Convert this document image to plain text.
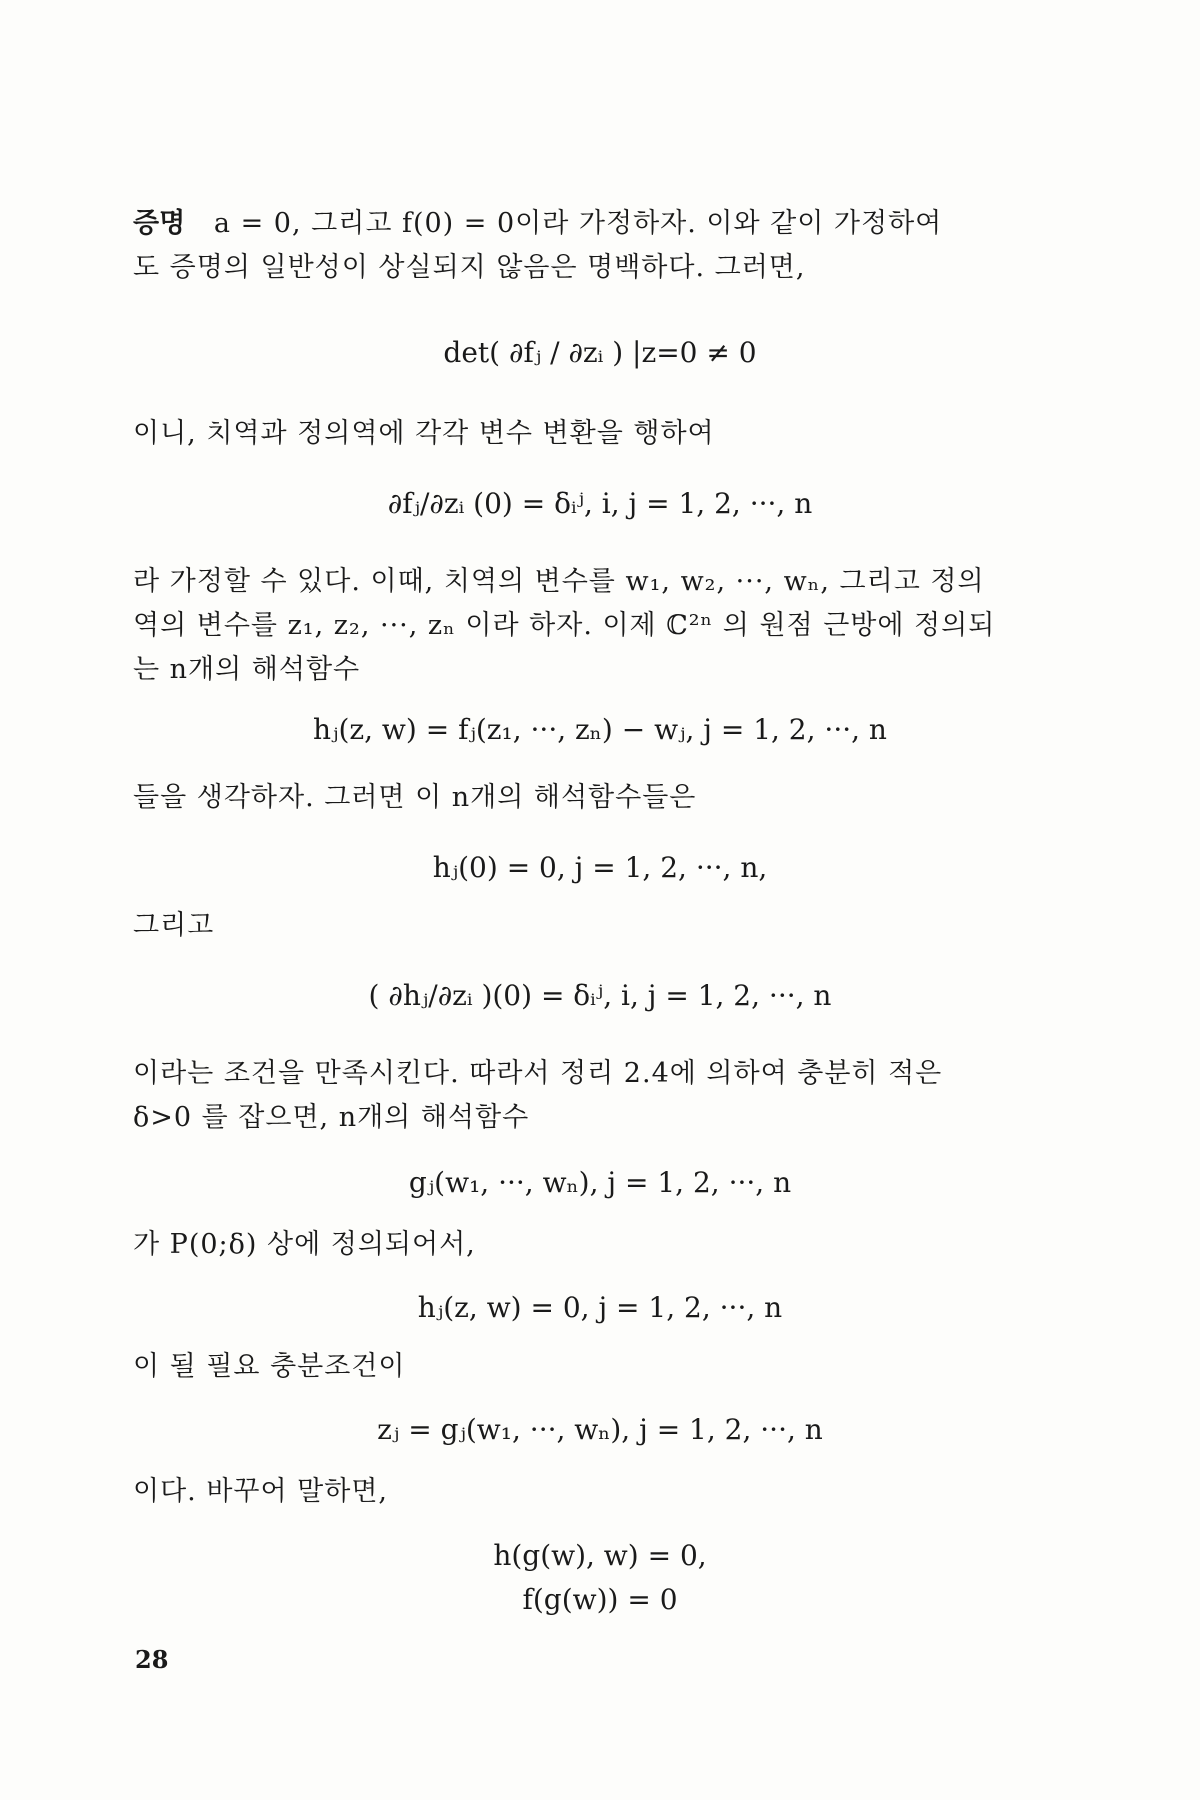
증명 a = 0, 그리고 f(0) = 0이라 가정하자. 이와 같이 가정하여
도 증명의 일반성이 상실되지 않음은 명백하다. 그러면,
det( ∂fⱼ / ∂zᵢ ) |z=0 ≠ 0
이니, 치역과 정의역에 각각 변수 변환을 행하여
∂fⱼ/∂zᵢ (0) = δᵢʲ, i, j = 1, 2, ···, n
라 가정할 수 있다. 이때, 치역의 변수를 w₁, w₂, ···, wₙ, 그리고 정의
역의 변수를 z₁, z₂, ···, zₙ 이라 하자. 이제 ℂ²ⁿ 의 원점 근방에 정의되
는 n개의 해석함수
hⱼ(z, w) = fⱼ(z₁, ···, zₙ) − wⱼ, j = 1, 2, ···, n
들을 생각하자. 그러면 이 n개의 해석함수들은
hⱼ(0) = 0, j = 1, 2, ···, n,
그리고
( ∂hⱼ/∂zᵢ )(0) = δᵢʲ, i, j = 1, 2, ···, n
이라는 조건을 만족시킨다. 따라서 정리 2.4에 의하여 충분히 적은
δ>0 를 잡으면, n개의 해석함수
gⱼ(w₁, ···, wₙ), j = 1, 2, ···, n
가 P(0;δ) 상에 정의되어서,
hⱼ(z, w) = 0, j = 1, 2, ···, n
이 될 필요 충분조건이
zⱼ = gⱼ(w₁, ···, wₙ), j = 1, 2, ···, n
이다. 바꾸어 말하면,
h(g(w), w) = 0,
f(g(w)) = 0
28
